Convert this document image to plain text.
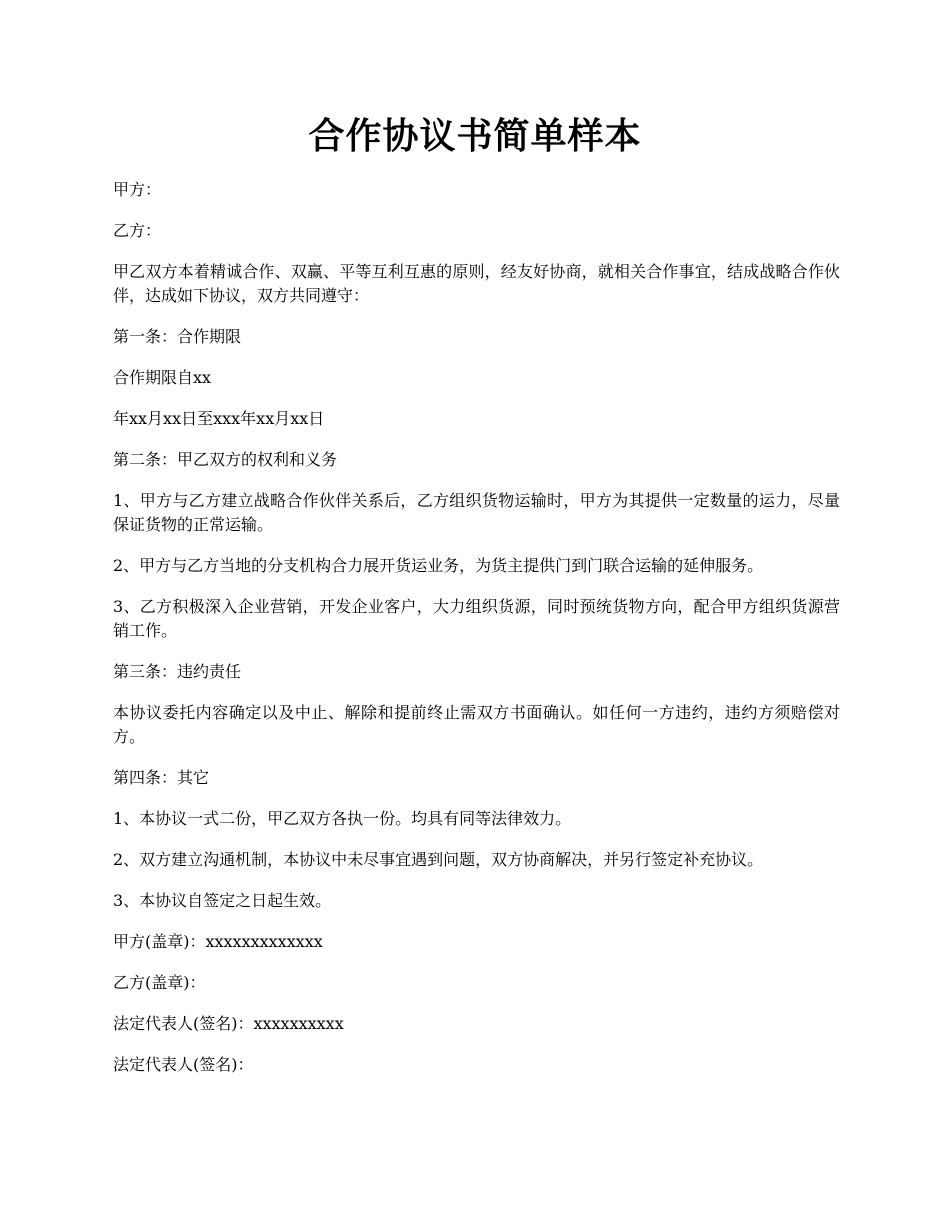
合作协议书简单样本

甲方：

乙方：

甲乙双方本着精诚合作、双赢、平等互利互惠的原则，经友好协商，就相关合作事宜，结成战略合作伙伴，达成如下协议，双方共同遵守：

第一条：合作期限

合作期限自xx

年xx月xx日至xxx年xx月xx日

第二条：甲乙双方的权利和义务

1、甲方与乙方建立战略合作伙伴关系后，乙方组织货物运输时，甲方为其提供一定数量的运力，尽量保证货物的正常运输。

2、甲方与乙方当地的分支机构合力展开货运业务，为货主提供门到门联合运输的延伸服务。

3、乙方积极深入企业营销，开发企业客户，大力组织货源，同时预统货物方向，配合甲方组织货源营销工作。

第三条：违约责任

本协议委托内容确定以及中止、解除和提前终止需双方书面确认。如任何一方违约，违约方须赔偿对方。

第四条：其它

1、本协议一式二份，甲乙双方各执一份。均具有同等法律效力。

2、双方建立沟通机制，本协议中未尽事宜遇到问题，双方协商解决，并另行签定补充协议。

3、本协议自签定之日起生效。

甲方(盖章)：xxxxxxxxxxxxx

乙方(盖章)：

法定代表人(签名)：xxxxxxxxxx

法定代表人(签名)：
